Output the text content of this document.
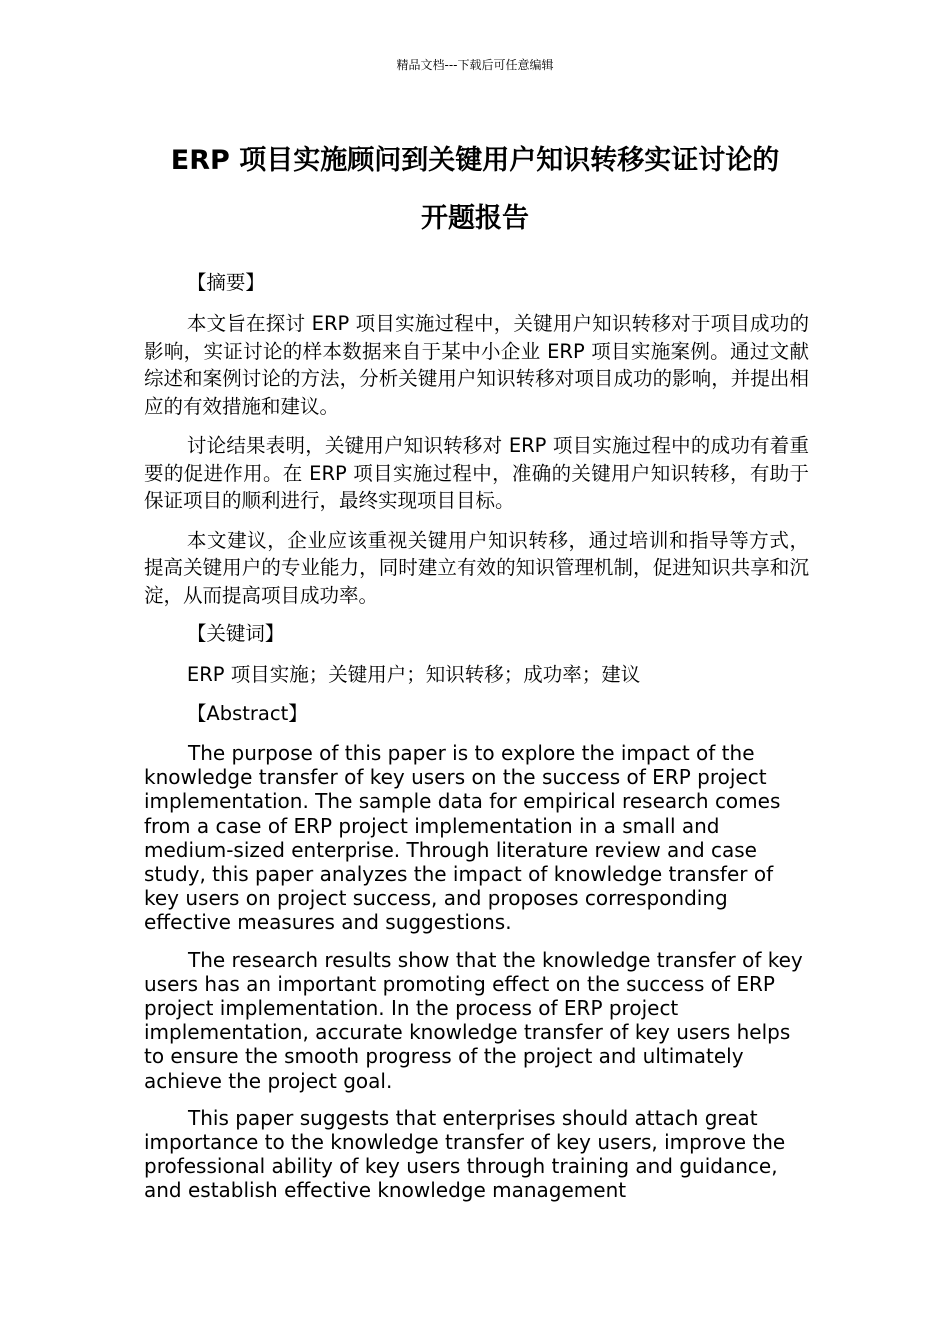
精品文档---下载后可任意编辑
ERP 项目实施顾问到关键用户知识转移实证讨论的
开题报告

【摘要】

本文旨在探讨 ERP 项目实施过程中，关键用户知识转移对于项目成功的影响，实证讨论的样本数据来自于某中小企业 ERP 项目实施案例。通过文献综述和案例讨论的方法，分析关键用户知识转移对项目成功的影响，并提出相应的有效措施和建议。

讨论结果表明，关键用户知识转移对 ERP 项目实施过程中的成功有着重要的促进作用。在 ERP 项目实施过程中，准确的关键用户知识转移，有助于保证项目的顺利进行，最终实现项目目标。

本文建议，企业应该重视关键用户知识转移，通过培训和指导等方式，提高关键用户的专业能力，同时建立有效的知识管理机制，促进知识共享和沉淀，从而提高项目成功率。

【关键词】

ERP 项目实施；关键用户；知识转移；成功率；建议

【Abstract】

The purpose of this paper is to explore the impact of the knowledge transfer of key users on the success of ERP project implementation. The sample data for empirical research comes from a case of ERP project implementation in a small and medium-sized enterprise. Through literature review and case study, this paper analyzes the impact of knowledge transfer of key users on project success, and proposes corresponding effective measures and suggestions.

The research results show that the knowledge transfer of key users has an important promoting effect on the success of ERP project implementation. In the process of ERP project implementation, accurate knowledge transfer of key users helps to ensure the smooth progress of the project and ultimately achieve the project goal.

This paper suggests that enterprises should attach great importance to the knowledge transfer of key users, improve the professional ability of key users through training and guidance, and establish effective knowledge management
